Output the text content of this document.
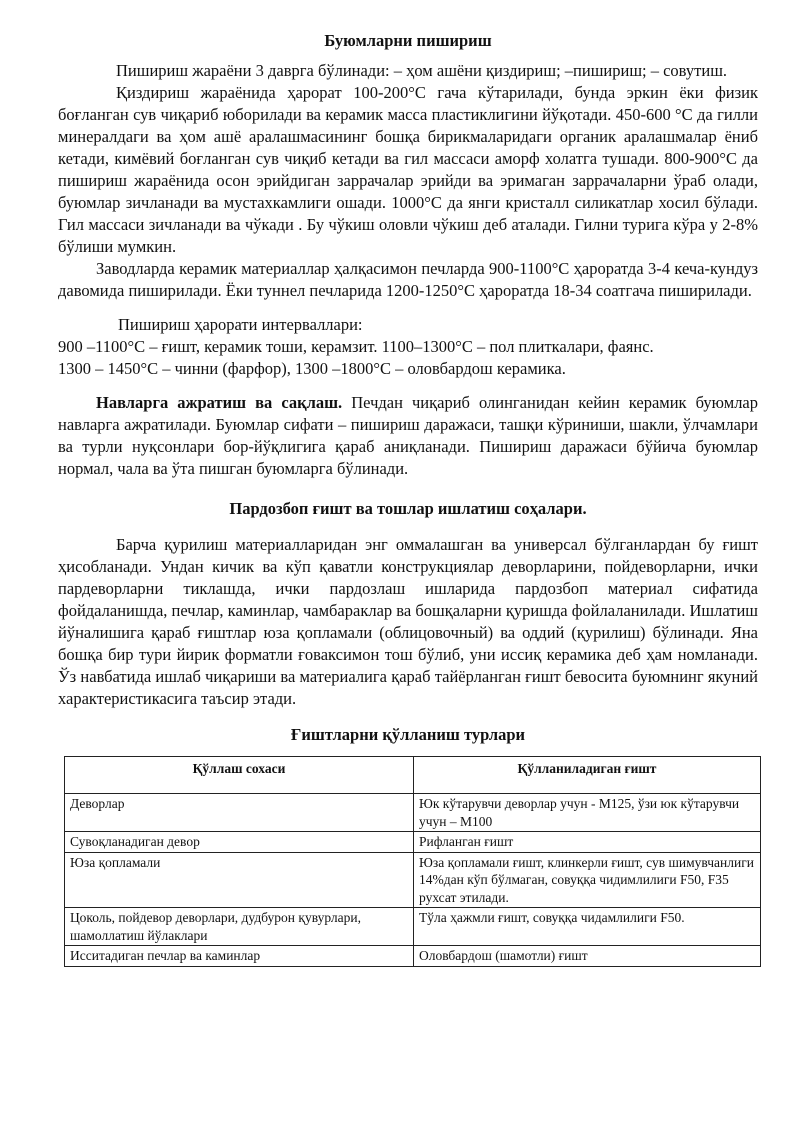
Буюмларни пишириш

Пишириш жараёни 3 даврга бўлинади: – ҳом ашёни қиздириш; –пишириш; – совутиш.

Қиздириш жараёнида ҳарорат 100-200°С гача кўтарилади, бунда эркин ёки физик боғланган сув чиқариб юборилади ва керамик масса пластиклигини йўқотади. 450-600 °С да гилли минералдаги ва ҳом ашё аралашмасининг бошқа бирикмаларидаги органик аралашмалар ёниб кетади, кимёвий боғланган сув чиқиб кетади ва гил массаси аморф холатга тушади. 800-900°С да пишириш жараёнида осон эрийдиган заррачалар эрийди ва эримаган заррачаларни ўраб олади, буюмлар зичланади ва мустахкамлиги ошади. 1000°С да янги кристалл силикатлар хосил бўлади. Гил массаси зичланади ва чўкади . Бу чўкиш оловли чўкиш деб аталади. Гилни турига кўра у 2-8% бўлиши мумкин.

Заводларда керамик материаллар ҳалқасимон печларда 900-1100°С ҳароратда 3-4 кеча-кундуз давомида пиширилади. Ёки туннел печларида 1200-1250°С ҳароратда 18-34 соатгача пиширилади.

Пишириш ҳарорати интерваллари:

900 –1100°С – ғишт, керамик тоши, керамзит. 1100–1300°С – пол плиткалари, фаянс.

1300 – 1450°С – чинни (фарфор), 1300 –1800°С – оловбардош керамика.

Навларга ажратиш ва сақлаш. Печдан чиқариб олинганидан кейин керамик буюмлар навларга ажратилади. Буюмлар сифати – пишириш даражаси, ташқи кўриниши, шакли, ўлчамлари ва турли нуқсонлари бор-йўқлигига қараб аниқланади. Пишириш даражаси бўйича буюмлар нормал, чала ва ўта пишган буюмларга бўлинади.

Пардозбоп ғишт ва тошлар ишлатиш соҳалари.

Барча қурилиш материалларидан энг оммалашган ва универсал бўлганлардан бу ғишт ҳисобланади. Ундан кичик ва кўп қаватли конструкциялар деворларини, пойдеворларни, ички пардеворларни тиклашда, ички пардозлаш ишларида пардозбоп материал сифатида фойдаланишда, печлар, каминлар, чамбараклар ва бошқаларни қуришда фойлаланилади. Ишлатиш йўналишига қараб ғиштлар юза қопламали (облицовочный) ва оддий (қурилиш) бўлинади. Яна бошқа бир тури йирик форматли ғоваксимон тош бўлиб, уни иссиқ керамика деб ҳам номланади. Ўз навбатида ишлаб чиқариши ва материалига қараб тайёрланган ғишт бевосита буюмнинг якуний характеристикасига таъсир этади.

Ғиштларни қўлланиш турлари

Қўллаш сохаси	Қўлланиладиган ғишт
Деворлар	Юк кўтарувчи деворлар учун - М125, ўзи юк кўтарувчи учун – М100
Сувоқланадиган девор	Рифланган ғишт
Юза қопламали	Юза қопламали ғишт, клинкерли ғишт, сув шимувчанлиги 14%дан кўп бўлмаган, совуққа чидимлилиги F50, F35 рухсат этилади.
Цоколь, пойдевор деворлари, дудбурон қувурлари, шамоллатиш йўлаклари	Тўла ҳажмли ғишт, совуққа чидамлилиги F50.
Исситадиган печлар ва каминлар	Оловбардош (шамотли) ғишт
